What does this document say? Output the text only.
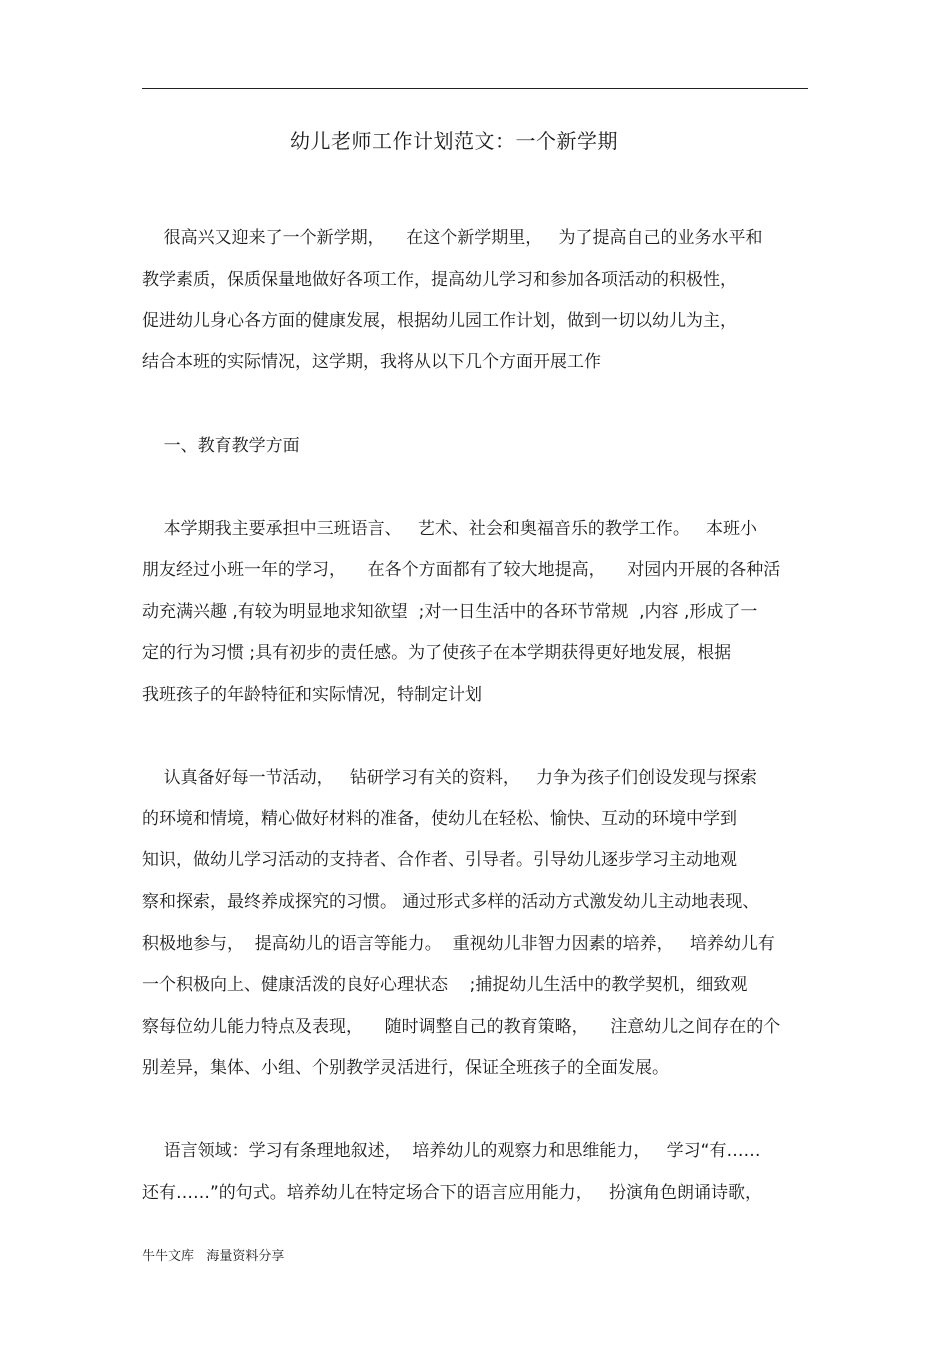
幼儿老师工作计划范文：一个新学期
很高兴又迎来了一个新学期，    在这个新学期里，   为了提高自己的业务水平和
教学素质，保质保量地做好各项工作，提高幼儿学习和参加各项活动的积极性，
促进幼儿身心各方面的健康发展，根据幼儿园工作计划，做到一切以幼儿为主，
结合本班的实际情况，这学期，我将从以下几个方面开展工作
一、教育教学方面
本学期我主要承担中三班语言、   艺术、社会和奥福音乐的教学工作。   本班小
朋友经过小班一年的学习，    在各个方面都有了较大地提高，    对园内开展的各种活
动充满兴趣 ,有较为明显地求知欲望  ;对一日生活中的各环节常规  ,内容 ,形成了一
定的行为习惯 ;具有初步的责任感。为了使孩子在本学期获得更好地发展，根据
我班孩子的年龄特征和实际情况，特制定计划
认真备好每一节活动，   钻研学习有关的资料，   力争为孩子们创设发现与探索
的环境和情境，精心做好材料的准备，使幼儿在轻松、愉快、互动的环境中学到
知识，做幼儿学习活动的支持者、合作者、引导者。引导幼儿逐步学习主动地观
察和探索，最终养成探究的习惯。 通过形式多样的活动方式激发幼儿主动地表现、
积极地参与，  提高幼儿的语言等能力。  重视幼儿非智力因素的培养，   培养幼儿有
一个积极向上、健康活泼的良好心理状态    ;捕捉幼儿生活中的教学契机，细致观
察每位幼儿能力特点及表现，    随时调整自己的教育策略，    注意幼儿之间存在的个
别差异，集体、小组、个别教学灵活进行，保证全班孩子的全面发展。
语言领域：学习有条理地叙述，  培养幼儿的观察力和思维能力，   学习“有……
还有……”的句式。培养幼儿在特定场合下的语言应用能力，   扮演角色朗诵诗歌，
牛牛文库   海量资料分享
